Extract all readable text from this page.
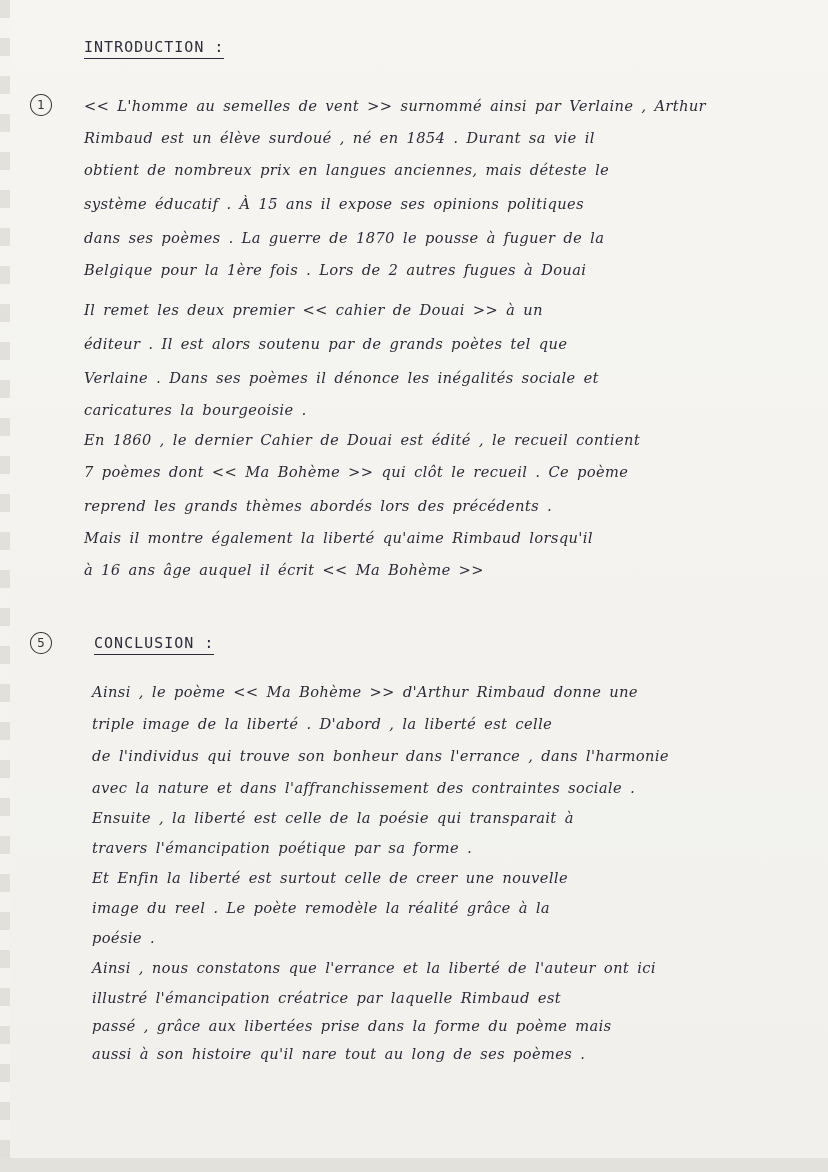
INTRODUCTION :
1	<< L'homme au semelles de vent >> surnommé ainsi par Verlaine , Arthur
Rimbaud est un élève surdoué , né en 1854 . Durant sa vie il
obtient de nombreux prix en langues anciennes, mais déteste le
système éducatif . À 15 ans il expose ses opinions politiques
dans ses poèmes . La guerre de 1870 le pousse à fuguer de la
Belgique pour la 1ère fois . Lors de 2 autres fugues à Douai
Il remet les deux premier << cahier de Douai >> à un
éditeur . Il est alors soutenu par de grands poètes tel que
Verlaine . Dans ses poèmes il dénonce les inégalités sociale et
caricatures la bourgeoisie .
En 1860 , le dernier Cahier de Douai est édité , le recueil contient
7 poèmes dont << Ma Bohème >> qui clôt le recueil . Ce poème
reprend les grands thèmes abordés lors des précédents .
Mais il montre également la liberté qu'aime Rimbaud lorsqu'il
à 16 ans âge auquel il écrit << Ma Bohème >>
5	CONCLUSION :
Ainsi , le poème << Ma Bohème >> d'Arthur Rimbaud donne une
triple image de la liberté . D'abord , la liberté est celle
de l'individus qui trouve son bonheur dans l'errance , dans l'harmonie
avec la nature et dans l'affranchissement des contraintes sociale .
Ensuite , la liberté est celle de la poésie qui transparait à
travers l'émancipation poétique par sa forme .
Et Enfin la liberté est surtout celle de creer une nouvelle
image du reel . Le poète remodèle la réalité grâce à la
poésie .
Ainsi , nous constatons que l'errance et la liberté de l'auteur ont ici
illustré l'émancipation créatrice par laquelle Rimbaud est
passé , grâce aux libertées prise dans la forme du poème mais
aussi à son histoire qu'il nare tout au long de ses poèmes .
